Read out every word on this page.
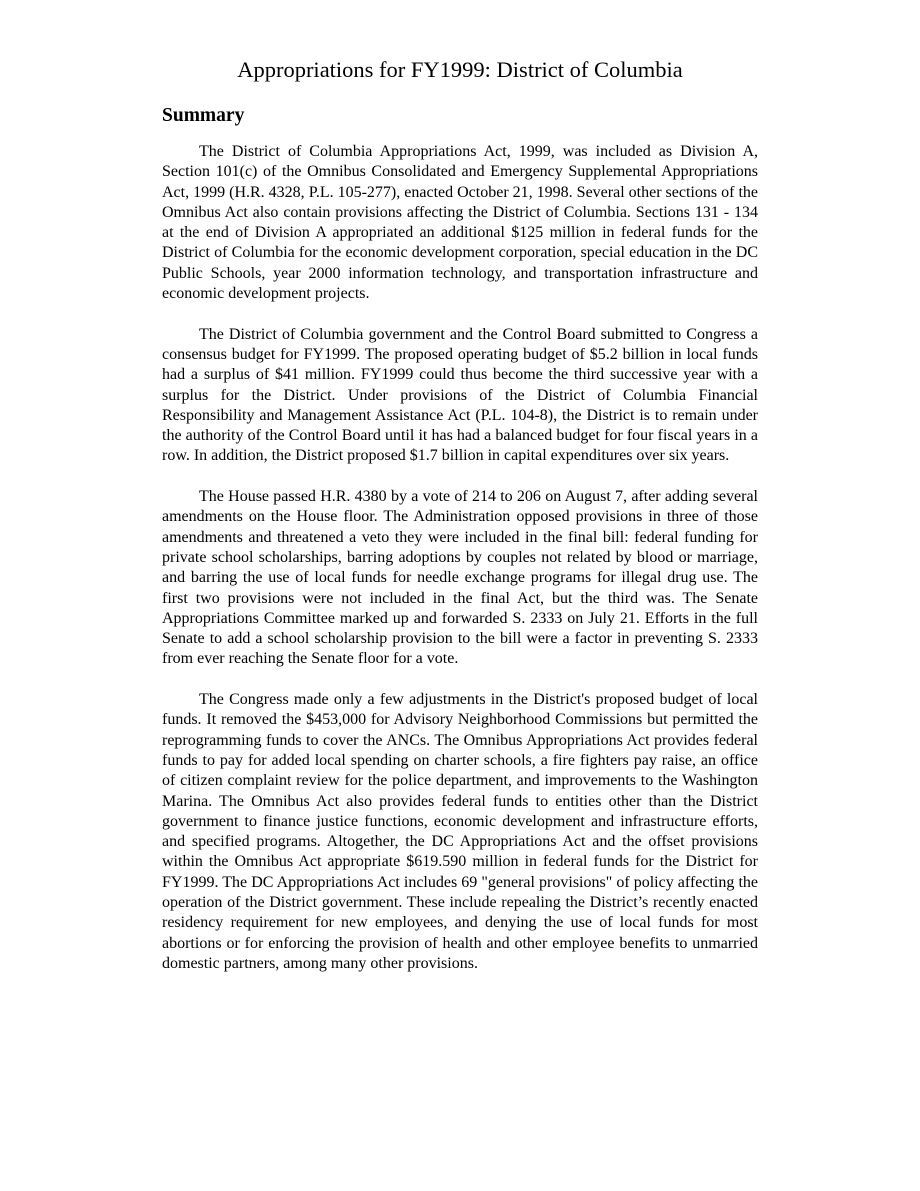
Appropriations for FY1999: District of Columbia
Summary

The District of Columbia Appropriations Act, 1999, was included as Division A, Section 101(c) of the Omnibus Consolidated and Emergency Supplemental Appropriations Act, 1999 (H.R. 4328, P.L. 105-277), enacted October 21, 1998. Several other sections of the Omnibus Act also contain provisions affecting the District of Columbia. Sections 131 - 134 at the end of Division A appropriated an additional $125 million in federal funds for the District of Columbia for the economic development corporation, special education in the DC Public Schools, year 2000 information technology, and transportation infrastructure and economic development projects.

The District of Columbia government and the Control Board submitted to Congress a consensus budget for FY1999. The proposed operating budget of $5.2 billion in local funds had a surplus of $41 million. FY1999 could thus become the third successive year with a surplus for the District. Under provisions of the District of Columbia Financial Responsibility and Management Assistance Act (P.L. 104-8), the District is to remain under the authority of the Control Board until it has had a balanced budget for four fiscal years in a row. In addition, the District proposed $1.7 billion in capital expenditures over six years.

The House passed H.R. 4380 by a vote of 214 to 206 on August 7, after adding several amendments on the House floor. The Administration opposed provisions in three of those amendments and threatened a veto they were included in the final bill: federal funding for private school scholarships, barring adoptions by couples not related by blood or marriage, and barring the use of local funds for needle exchange programs for illegal drug use. The first two provisions were not included in the final Act, but the third was. The Senate Appropriations Committee marked up and forwarded S. 2333 on July 21. Efforts in the full Senate to add a school scholarship provision to the bill were a factor in preventing S. 2333 from ever reaching the Senate floor for a vote.

The Congress made only a few adjustments in the District's proposed budget of local funds. It removed the $453,000 for Advisory Neighborhood Commissions but permitted the reprogramming funds to cover the ANCs. The Omnibus Appropriations Act provides federal funds to pay for added local spending on charter schools, a fire fighters pay raise, an office of citizen complaint review for the police department, and improvements to the Washington Marina. The Omnibus Act also provides federal funds to entities other than the District government to finance justice functions, economic development and infrastructure efforts, and specified programs. Altogether, the DC Appropriations Act and the offset provisions within the Omnibus Act appropriate $619.590 million in federal funds for the District for FY1999. The DC Appropriations Act includes 69 "general provisions" of policy affecting the operation of the District government. These include repealing the District’s recently enacted residency requirement for new employees, and denying the use of local funds for most abortions or for enforcing the provision of health and other employee benefits to unmarried domestic partners, among many other provisions.
